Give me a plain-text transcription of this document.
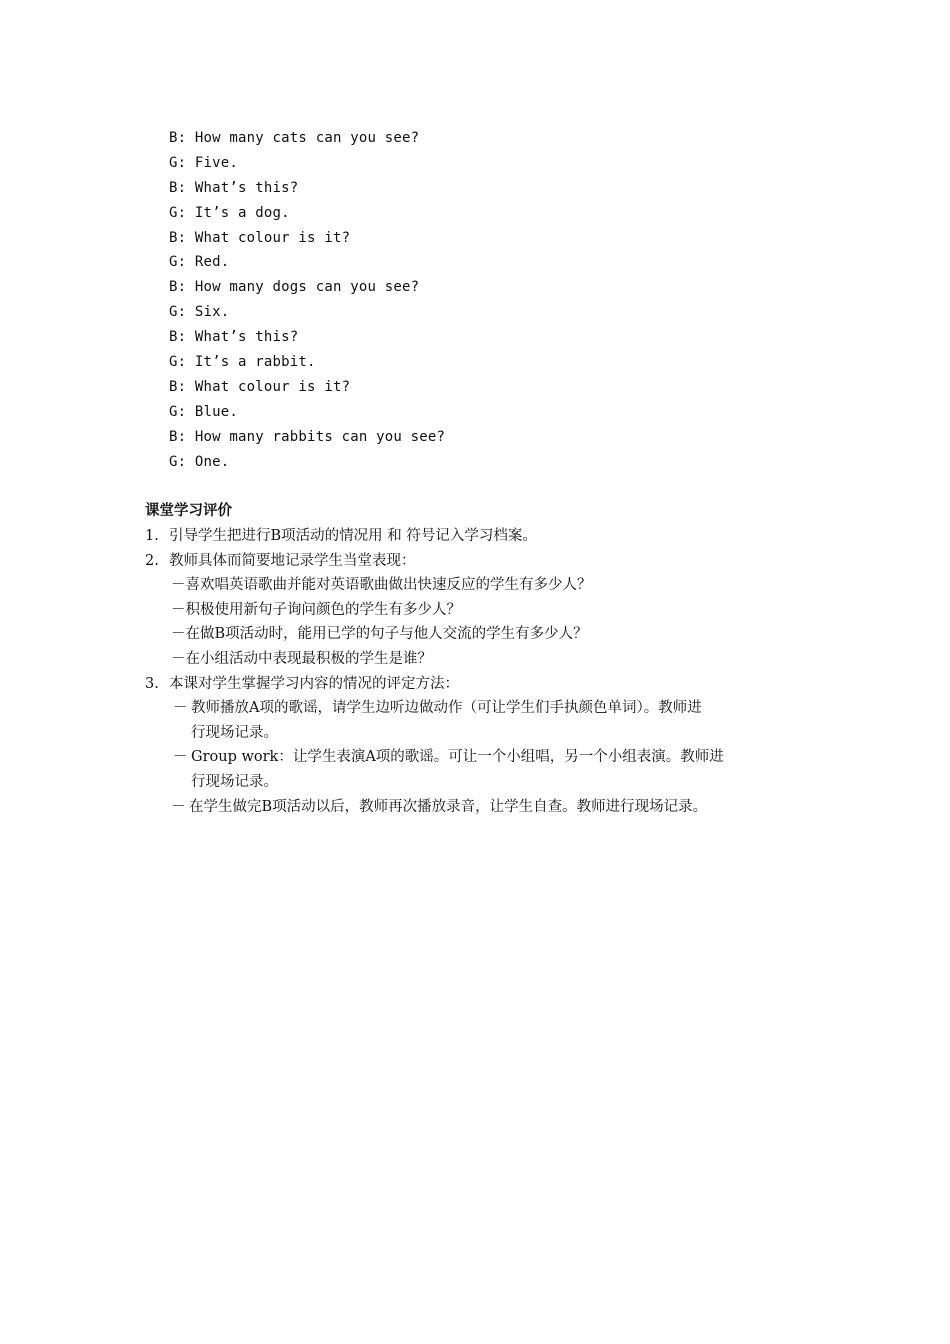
B: How many cats can you see?
G: Five.
B: What’s this?
G: It’s a dog.
B: What colour is it?
G: Red.
B: How many dogs can you see?
G: Six.
B: What’s this?
G: It’s a rabbit.
B: What colour is it?
G: Blue.
B: How many rabbits can you see?
G: One.
课堂学习评价
1. 引导学生把进行B项活动的情况用 和 符号记入学习档案。
2. 教师具体而简要地记录学生当堂表现：
－喜欢唱英语歌曲并能对英语歌曲做出快速反应的学生有多少人？
－积极使用新句子询问颜色的学生有多少人？
－在做B项活动时，能用已学的句子与他人交流的学生有多少人？
－在小组活动中表现最积极的学生是谁？
3. 本课对学生掌握学习内容的情况的评定方法：
－ 教师播放A项的歌谣，请学生边听边做动作（可让学生们手执颜色单词）。教师进
行现场记录。
－ Group work：让学生表演A项的歌谣。可让一个小组唱，另一个小组表演。教师进
行现场记录。
－ 在学生做完B项活动以后，教师再次播放录音，让学生自查。教师进行现场记录。
